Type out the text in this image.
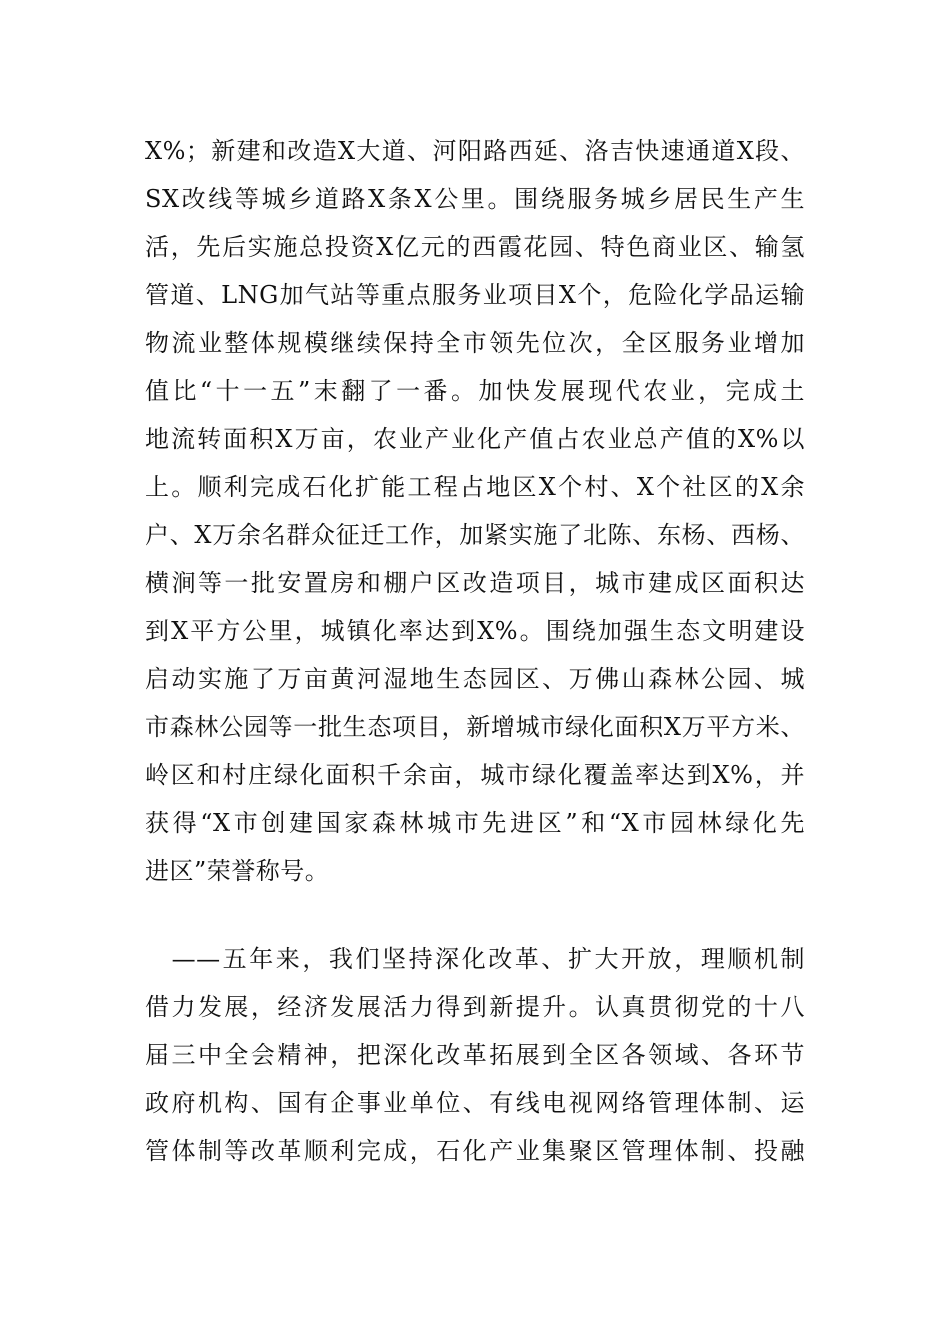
X%；新建和改造X大道、河阳路西延、洛吉快速通道X段、
SX改线等城乡道路X条X公里。围绕服务城乡居民生产生
活，先后实施总投资X亿元的西霞花园、特色商业区、输氢
管道、LNG加气站等重点服务业项目X个，危险化学品运输
物流业整体规模继续保持全市领先位次，全区服务业增加
值比“十一五”末翻了一番。加快发展现代农业，完成土
地流转面积X万亩，农业产业化产值占农业总产值的X%以
上。顺利完成石化扩能工程占地区X个村、X个社区的X余
户、X万余名群众征迁工作，加紧实施了北陈、东杨、西杨、
横涧等一批安置房和棚户区改造项目，城市建成区面积达
到X平方公里，城镇化率达到X%。围绕加强生态文明建设
启动实施了万亩黄河湿地生态园区、万佛山森林公园、城
市森林公园等一批生态项目，新增城市绿化面积X万平方米、
岭区和村庄绿化面积千余亩，城市绿化覆盖率达到X%，并
获得“X市创建国家森林城市先进区”和“X市园林绿化先
进区”荣誉称号。
　——五年来，我们坚持深化改革、扩大开放，理顺机制
借力发展，经济发展活力得到新提升。认真贯彻党的十八
届三中全会精神，把深化改革拓展到全区各领域、各环节
政府机构、国有企事业单位、有线电视网络管理体制、运
管体制等改革顺利完成，石化产业集聚区管理体制、投融
